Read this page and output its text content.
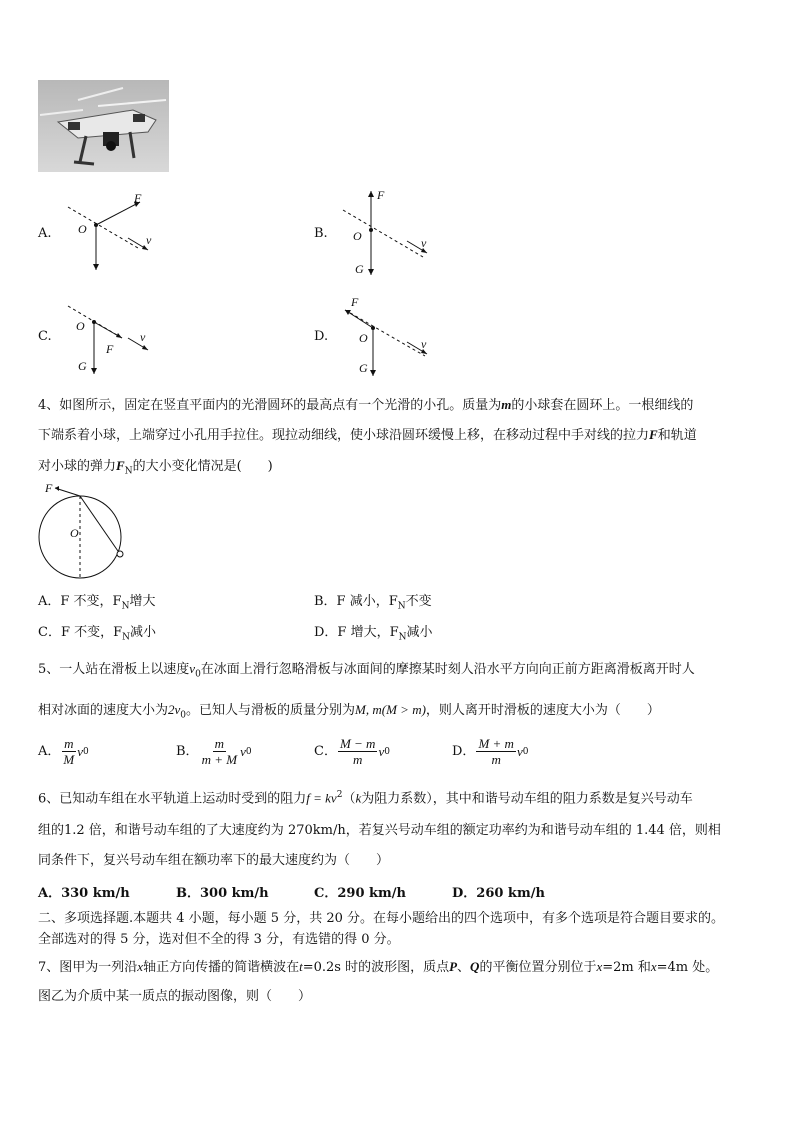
A.
F
O
v	B.
F
O
G
v
C.
O
F
G
v	D.
F
O
G
v
4、如图所示，固定在竖直平面内的光滑圆环的最高点有一个光滑的小孔。质量为m的小球套在圆环上。一根细线的
下端系着小球，上端穿过小孔用手拉住。现拉动细线，使小球沿圆环缓慢上移，在移动过程中手对线的拉力F和轨道
对小球的弹力$F_N$的大小变化情况是(　　)
F
O
A．F 不变，$F_N$增大	B．F 减小，$F_N$不变
C．F 不变，$F_N$减小	D．F 增大，$F_N$减小
5、一人站在滑板上以速度$v_0$在冰面上滑行忽略滑板与冰面间的摩擦某时刻人沿水平方向向正前方距离滑板离开时人
相对冰面的速度大小为$2v_0$。已知人与滑板的质量分别为M, m(M > m)，则人离开时滑板的速度大小为（　　）
A． $\frac{m}{M}$ v 0	B． $\frac{m}{m + M}$ v 0	C． $\frac{M - m}{m}$ v 0	D． $\frac{M + m}{m}$ v 0
6、已知动车组在水平轨道上运动时受到的阻力$f = kv^2(k$为阻力系数），其中和谐号动车组的阻力系数是复兴号动车
组的1.2 倍，和谐号动车组的了大速度约为 270km/h，若复兴号动车组的额定功率约为和谐号动车组的 1.44 倍，则相
同条件下，复兴号动车组在额功率下的最大速度约为（　　）
A．330 km/h	B．300 km/h	C．290 km/h	D．260 km/h
二、多项选择题.本题共 4 小题，每小题 5 分，共 20 分。在每小题给出的四个选项中，有多个选项是符合题目要求的。
全部选对的得 5 分，选对但不全的得 3 分，有选错的得 0 分。
7、图甲为一列沿x轴正方向传播的简谐横波在t=0.2s 时的波形图，质点P、Q的平衡位置分别位于x=2m 和x=4m 处。
图乙为介质中某一质点的振动图像，则（　　）
